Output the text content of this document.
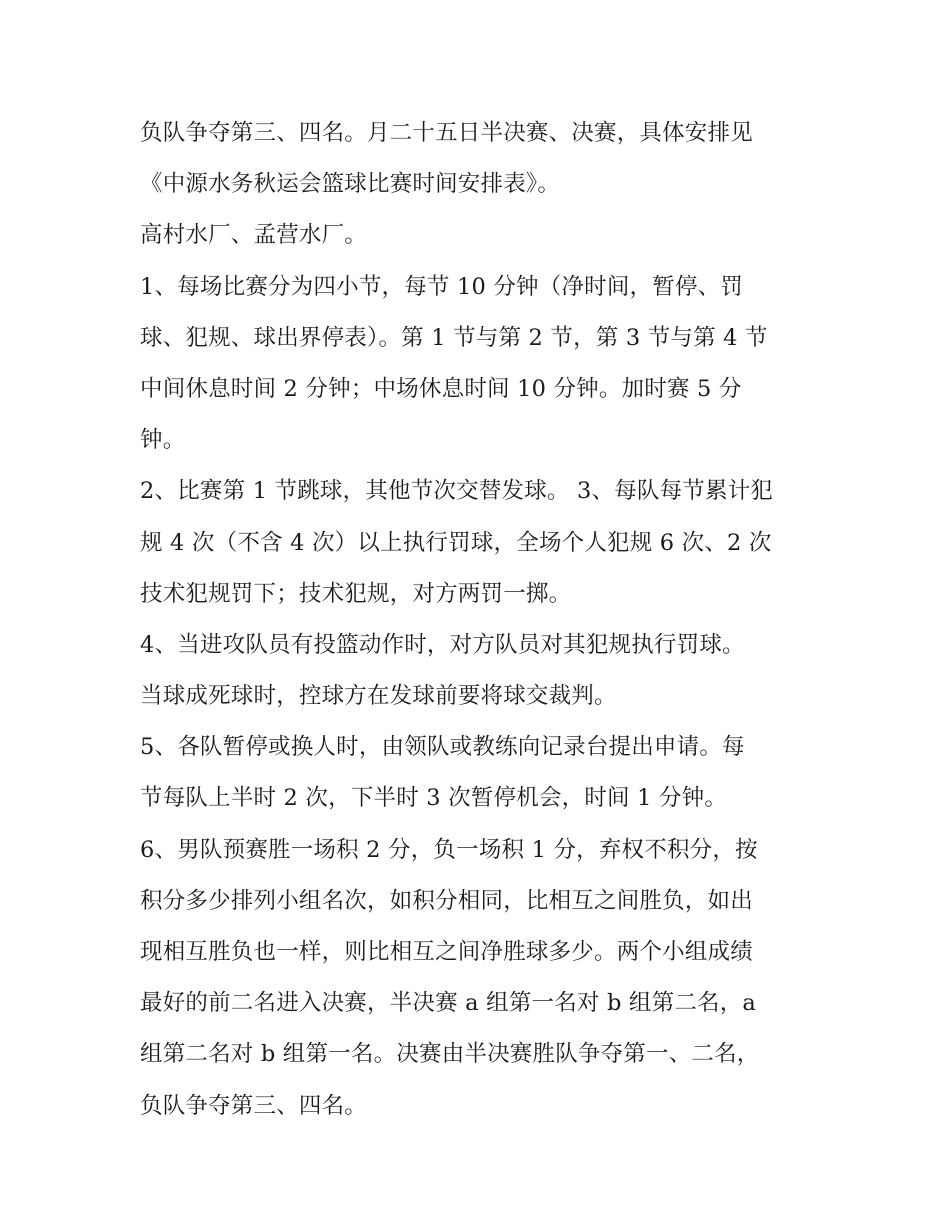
负队争夺第三、四名。月二十五日半决赛、决赛，具体安排见
《中源水务秋运会篮球比赛时间安排表》。
高村水厂、孟营水厂。
1、每场比赛分为四小节，每节 10 分钟（净时间，暂停、罚
球、犯规、球出界停表）。第 1 节与第 2 节，第 3 节与第 4 节
中间休息时间 2 分钟；中场休息时间 10 分钟。加时赛 5 分
钟。
2、比赛第 1 节跳球，其他节次交替发球。 3、每队每节累计犯
规 4 次（不含 4 次）以上执行罚球，全场个人犯规 6 次、2 次
技术犯规罚下；技术犯规，对方两罚一掷。
4、当进攻队员有投篮动作时，对方队员对其犯规执行罚球。
当球成死球时，控球方在发球前要将球交裁判。
5、各队暂停或换人时，由领队或教练向记录台提出申请。每
节每队上半时 2 次，下半时 3 次暂停机会，时间 1 分钟。
6、男队预赛胜一场积 2 分，负一场积 1 分，弃权不积分，按
积分多少排列小组名次，如积分相同，比相互之间胜负，如出
现相互胜负也一样，则比相互之间净胜球多少。两个小组成绩
最好的前二名进入决赛，半决赛 a 组第一名对 b 组第二名，a
组第二名对 b 组第一名。决赛由半决赛胜队争夺第一、二名，
负队争夺第三、四名。
